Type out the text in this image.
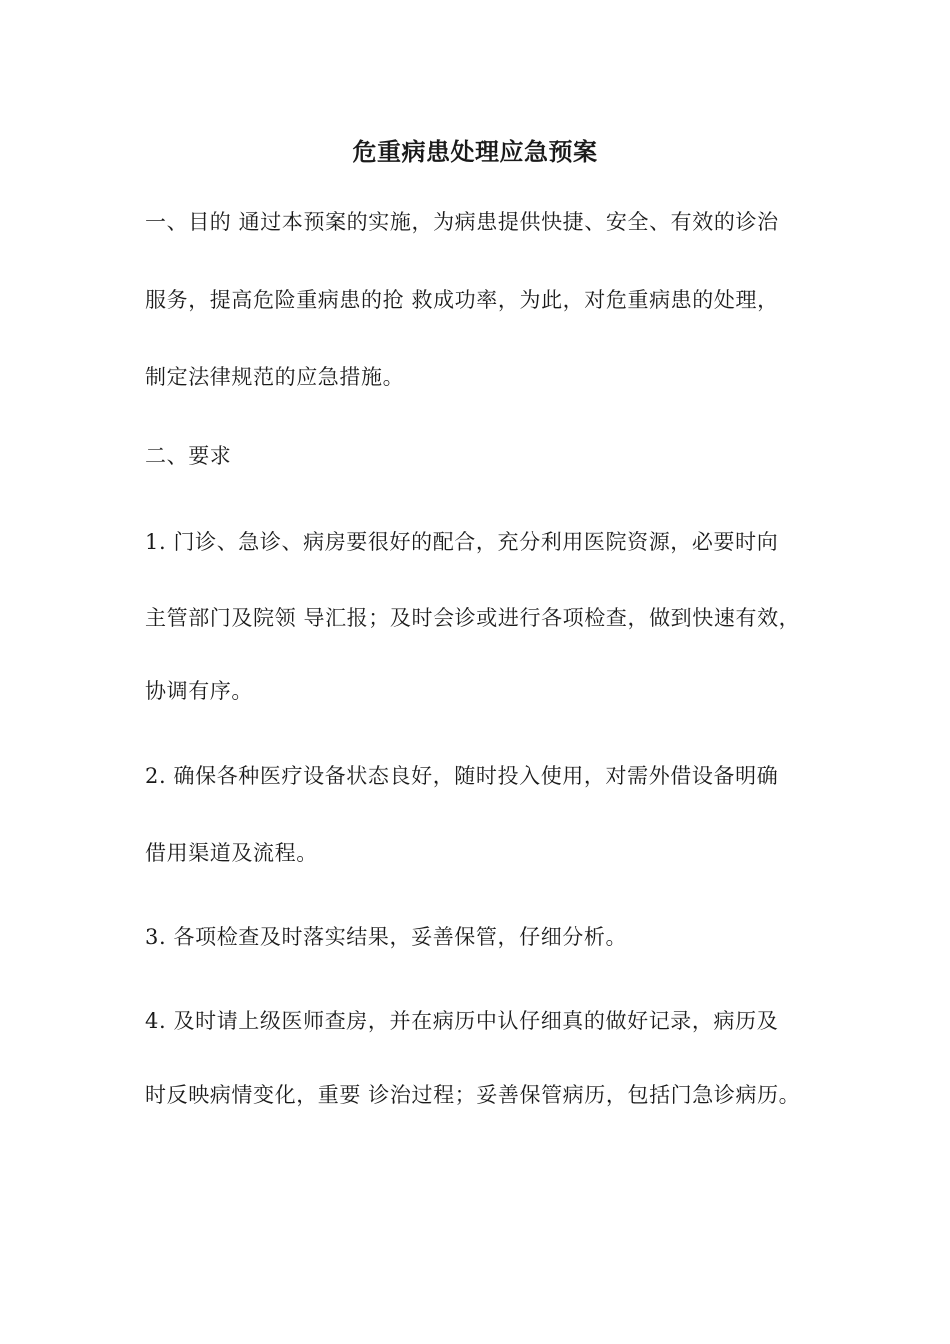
危重病患处理应急预案
一、目的 通过本预案的实施，为病患提供快捷、安全、有效的诊治
服务，提高危险重病患的抢 救成功率，为此，对危重病患的处理，
制定法律规范的应急措施。
二、要求
1. 门诊、急诊、病房要很好的配合，充分利用医院资源，必要时向
主管部门及院领 导汇报；及时会诊或进行各项检查，做到快速有效，
协调有序。
2. 确保各种医疗设备状态良好，随时投入使用，对需外借设备明确
借用渠道及流程。
3. 各项检查及时落实结果，妥善保管，仔细分析。
4. 及时请上级医师查房，并在病历中认仔细真的做好记录，病历及
时反映病情变化，重要 诊治过程；妥善保管病历，包括门急诊病历。
